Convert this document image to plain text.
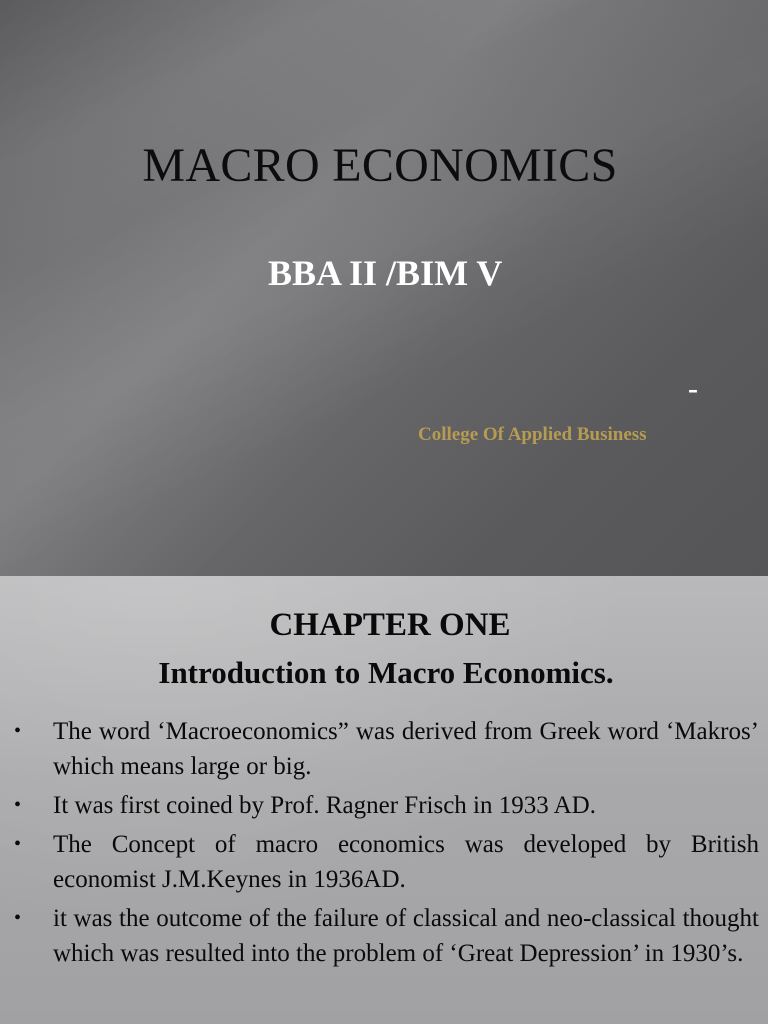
MACRO ECONOMICS
BBA II /BIM V
-
College Of Applied Business
CHAPTER ONE
Introduction to Macro Economics.
• The word ‘Macroeconomics” was derived from Greek word ‘Makros’ which means large or big.
• It was first coined by Prof. Ragner Frisch in 1933 AD.
• The Concept of macro economics was developed by British economist J.M.Keynes in 1936AD.
• it was the outcome of the failure of classical and neo-classical thought which was resulted into the problem of ‘Great Depression’ in 1930’s.
